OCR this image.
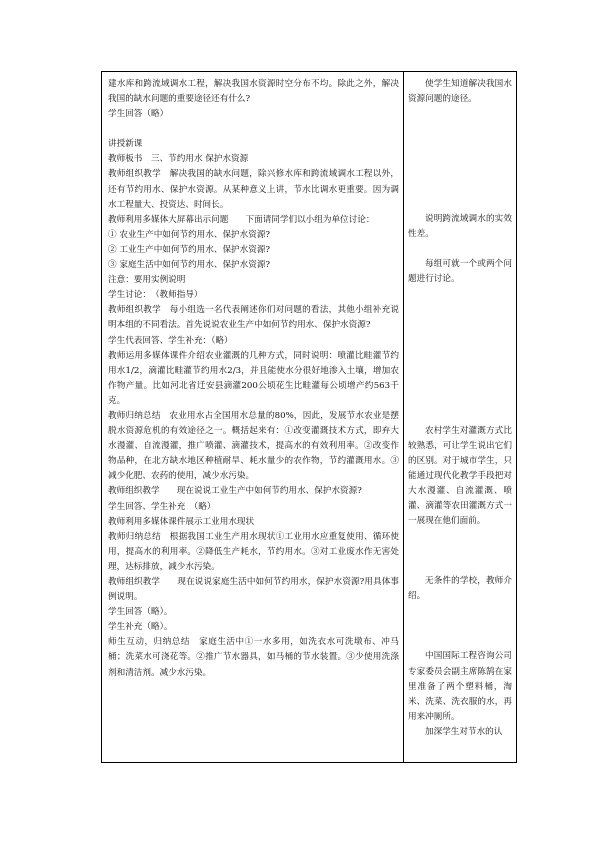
建水库和跨流域调水工程，解决我国水资源时空分布不均。除此之外，解决我国的缺水问题的重要途径还有什么?

学生回答（略）

讲授新课

教师板书　三、节约用水 保护水资源

教师组织教学　解决我国的缺水问题，除兴修水库和跨流域调水工程以外，还有节约用水、保护水资源。从某种意义上讲，节水比调水更重要。因为调水工程量大、投资达、时间长。

教师利用多媒体大屏幕出示问题　　下面请同学们以小组为单位讨论：

① 农业生产中如何节约用水、保护水资源?

② 工业生产中如何节约用水、保护水资源?

③ 家庭生活中如何节约用水、保护水资源?

注意：要用实例说明

学生讨论：　（教师指导）

教师组织教学　每小组选一名代表阐述你们对问题的看法，其他小组补充说明本组的不同看法。首先说说农业生产中如何节约用水、保护水资源?

学生代表回答、学生补充：（略）

教师运用多媒体课件介绍农业灌溉的几种方式，同时说明：喷灌比畦灌节约用水1/2，滴灌比畦灌节约用水2/3，并且能使水分很好地渗入土壤，增加农作物产量。比如河北省迁安县滴灌200公顷花生比畦灌每公顷增产约563千克。

教师归纳总结　农业用水占全国用水总量的80%，因此，发展节水农业是摆脱水资源危机的有效途径之一。概括起来有：①改变灌溉技术方式，即弃大水漫灌、自流漫灌，推广喷灌、滴灌技术，提高水的有效利用率。②改变作物品种，在北方缺水地区种植耐旱、耗水量少的农作物，节约灌溉用水。③　减少化肥、农药的使用，减少水污染。

教师组织教学　　现在说说工业生产中如何节约用水、保护水资源?

学生回答、学生补充　（略）

教师利用多媒体课件展示工业用水现状

教师归纳总结　根据我国工业生产用水现状①工业用水应重复使用、循环使用，提高水的利用率。②降低生产耗水，节约用水。③对工业废水作无害处理，达标排放，减少水污染。

教师组织教学　　现在说说家庭生活中如何节约用水，保护水资源?用具体事例说明。

学生回答（略）。

学生补充（略）。

师生互动，归纳总结　家庭生活中①一水多用，如洗衣水可洗墩布、冲马桶；洗菜水可浇花等。②推广节水器具，如马桶的节水装置。③少使用洗涤剂和清洁剂。减少水污染。

使学生知道解决我国水资源问题的途径。

说明跨流域调水的实效性差。

每组可就一个或两个问题进行讨论。

农村学生对灌溉方式比较熟悉，可让学生说出它们的区别。对于城市学生，只能通过现代化教学手段把对大水漫灌、自流灌溉、喷灌、滴灌等农田灌溉方式一一展现在他们面前。

无条件的学校，教师介绍。

中国国际工程咨询公司专家委员会副主席陈鹄在家里准备了两个塑料桶，淘米、洗菜、洗衣服的水，再用来冲厕所。

加深学生对节水的认
